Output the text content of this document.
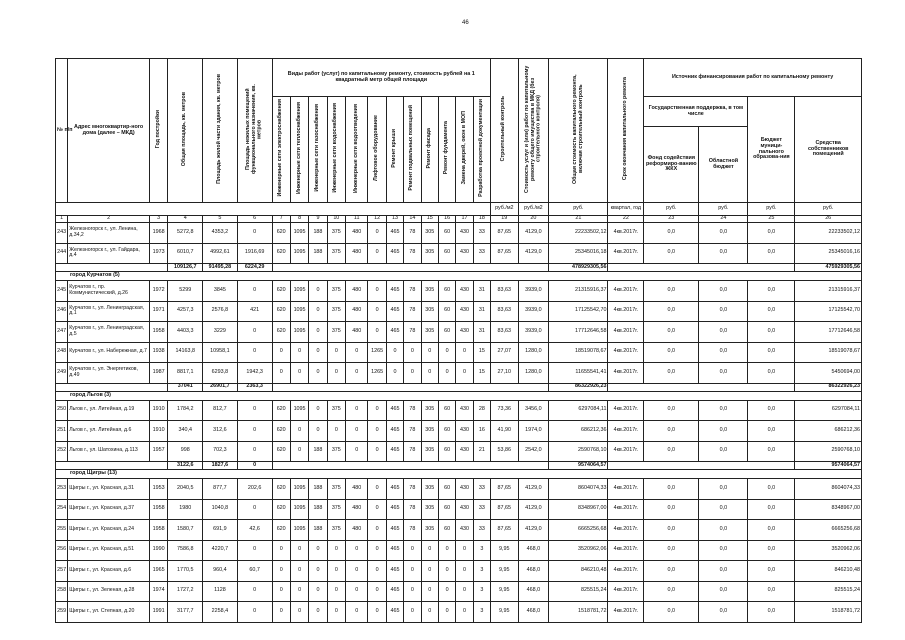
46
№ п/п	Адрес многоквартир-ного дома (далее – МКД)	Год постройки	Общая площадь, кв. метров	Площадь жилой части здания, кв. метров	Площадь нежилых помещений функционального назначения, кв. метров	Виды работ (услуг) по капитальному ремонту, стоимость рублей на 1 квадратный метр общей площади												Строительный контроль	Стоимость услуг и (или) работ по капитальному ремонту общего имущества в МКД (без строительного контроля)	Общая стоимость капитального ремонта, включая строительный контроль	Срок окончания капитального ремонта	Источник финансирования работ по капитальному ремонту			
						Инженерные сети электроснабжения	Инженерные сети теплоснабжения	Инженерные сети газоснабжения	Инженерные сети водоснабжения	Инженерные сети водоотведения	Лифтовое оборудование	Ремонт крыши	Ремонт подвальных помещений	Ремонт фасада	Ремонт фундамента	Замена дверей, окон в МОП	Разработка проектной документации					Государственная поддержка, в том числе		Бюджет муници-пального образова-ния	Средства собственников помещений
																						Фонд содействия реформиро-ванию ЖКХ	Областной бюджет		
																		руб./м2	руб./м2	руб.	квартал, год	руб.	руб.	руб.	руб.
1	2	3	4	5	6	7	8	9	10	11	12	13	14	15	16	17	18	19	20	21	22	23	24	25	26
243	Железногорск г., ул. Ленина, д.34,2	1968	5272,8	4353,2	0	620	1095	188	375	480	0	465	78	305	60	430	33	87,65	4129,0	22233502,12	4кв.2017г.	0,0	0,0	0,0	22233502,12
244	Железногорск г., ул. Гайдара, д.4	1973	6010,7	4992,61	1916,69	620	1095	188	375	480	0	465	78	305	60	430	33	87,65	4129,0	25345016,18	4кв.2017г.	0,0	0,0	0,0	25345016,16
			109126,7	91495,28	6224,29															478929305,56					475929305,56
город Курчатов (5)																									
245	Курчатов г., пр. Коммунистический, д.26	1972	5299	3845	0	620	1095	0	375	480	0	465	78	305	60	430	31	83,63	3939,0	21315916,37	4кв.2017г.	0,0	0,0	0,0	21315916,37
246	Курчатов г., ул. Ленинградская, д.1	1971	4257,3	2576,8	421	620	1095	0	375	480	0	465	78	305	60	430	31	83,63	3939,0	17125542,70	4кв.2017г.	0,0	0,0	0,0	17125542,70
247	Курчатов г., ул. Ленинградская, д.5	1958	4403,3	3229	0	620	1095	0	375	480	0	465	78	305	60	430	31	83,63	3939,0	17712646,58	4кв.2017г.	0,0	0,0	0,0	17712646,58
248	Курчатов г., ул. Набережная, д.7	1938	14163,8	10958,1	0	0	0	0	0	0	1265	0	0	0	0	0	15	27,07	1280,0	18519078,67	4кв.2017г.	0,0	0,0	0,0	18519078,67
249	Курчатов г., ул. Энергетиков, д.49	1987	8817,1	6293,8	1942,3	0	0	0	0	0	1265	0	0	0	0	0	15	27,10	1280,0	11655541,41	4кв.2017г.	0,0	0,0	0,0	5450694,00
			37041	26901,7	2363,3															86322926,23					86322926,23
город Льгов (3)																									
250	Льгов г., ул. Литейная, д.19	1910	1784,2	812,7	0	620	1095	0	375	0	0	465	78	305	60	430	28	73,36	3456,0	6297084,11	4кв.2017г.	0,0	0,0	0,0	6297084,11
251	Льгов г., ул. Литейная, д.6	1910	340,4	312,6	0	620	0	0	0	0	0	465	78	305	60	430	16	41,90	1974,0	686212,36	4кв.2017г.	0,0	0,0	0,0	686212,36
252	Льгов г., ул. Шатохина, д.113	1957	998	702,3	0	620	0	188	375	0	0	465	78	305	60	430	21	53,86	2542,0	2590768,10	4кв.2017г.	0,0	0,0	0,0	2590768,10
			3122,6	1827,6	0															9574064,57					9574064,57
город Щигры (13)																									
253	Щигры г., ул. Красная, д.31	1953	2040,5	877,7	202,6	620	1095	188	375	480	0	465	78	305	60	430	33	87,65	4129,0	8604074,33	4кв.2017г.	0,0	0,0	0,0	8604074,33
254	Щигры г., ул. Красная, д.37	1958	1980	1040,8	0	620	1095	188	375	480	0	465	78	305	60	430	33	87,65	4129,0	8348967,00	4кв.2017г.	0,0	0,0	0,0	8348967,00
255	Щигры г., ул. Красная, д.24	1958	1580,7	691,9	42,6	620	1095	188	375	480	0	465	78	305	60	430	33	87,65	4129,0	6665256,68	4кв.2017г.	0,0	0,0	0,0	6665256,68
256	Щигры г., ул. Красная, д.51	1990	7586,8	4220,7	0	0	0	0	0	0	0	465	0	0	0	0	3	9,95	468,0	3520962,06	4кв.2017г.	0,0	0,0	0,0	3520962,06
257	Щигры г., ул. Красная, д.6	1965	1770,5	960,4	60,7	0	0	0	0	0	0	465	0	0	0	0	3	9,95	468,0	846210,48	4кв.2017г.	0,0	0,0	0,0	846210,48
258	Щигры г., ул. Зеленая, д.28	1974	1727,2	1128	0	0	0	0	0	0	0	465	0	0	0	0	3	9,95	468,0	825515,24	4кв.2017г.	0,0	0,0	0,0	825515,24
259	Щигры г., ул. Степная, д.20	1991	3177,7	2258,4	0	0	0	0	0	0	0	465	0	0	0	0	3	9,95	468,0	1518781,72	4кв.2017г.	0,0	0,0	0,0	1518781,72
